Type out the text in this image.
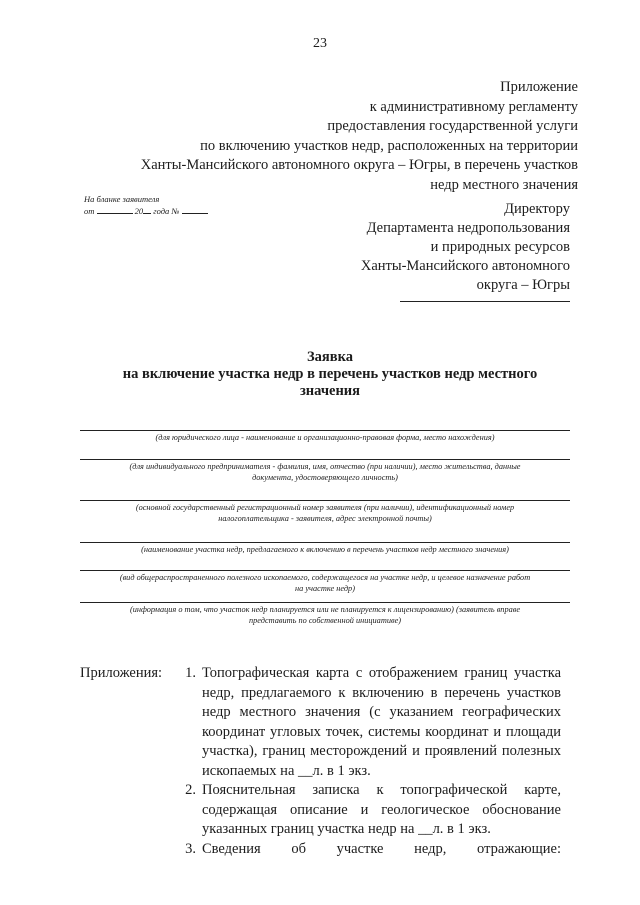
23
Приложение
к административному регламенту
предоставления государственной услуги
по включению участков недр, расположенных на территории
Ханты-Мансийского автономного округа – Югры, в перечень участков
недр местного значения
На бланке заявителя
от	20 года №	Директору
Департамента недропользования
и природных ресурсов
Ханты-Мансийского автономного
округа – Югры
Заявка
на включение участка недр в перечень участков недр местного
значения
(для юридического лица - наименование и организационно-правовая форма, место нахождения)
(для индивидуального предпринимателя - фамилия, имя, отчество (при наличии), место жительства, данные
документа, удостоверяющего личность)
(основной государственный регистрационный номер заявителя (при наличии), идентификационный номер
налогоплательщика - заявителя, адрес электронной почты)
(наименование участка недр, предлагаемого к включению в перечень участков недр местного значения)
(вид общераспространенного полезного ископаемого, содержащегося на участке недр, и целевое назначение работ
на участке недр)
(информация о том, что участок недр планируется или не планируется к лицензированию) (заявитель вправе
представить по собственной инициативе)
Приложения:	1. Топографическая карта с отображением границ участка недр, предлагаемого к включению в перечень участков недр местного значения (с указанием географических координат угловых точек, системы координат и площади участка), границ месторождений и проявлений полезных ископаемых на __л. в 1 экз.
2. Пояснительная записка к топографической карте, содержащая описание и геологическое обоснование указанных границ участка недр на __л. в 1 экз.
3. Сведения об участке недр, отражающие:
